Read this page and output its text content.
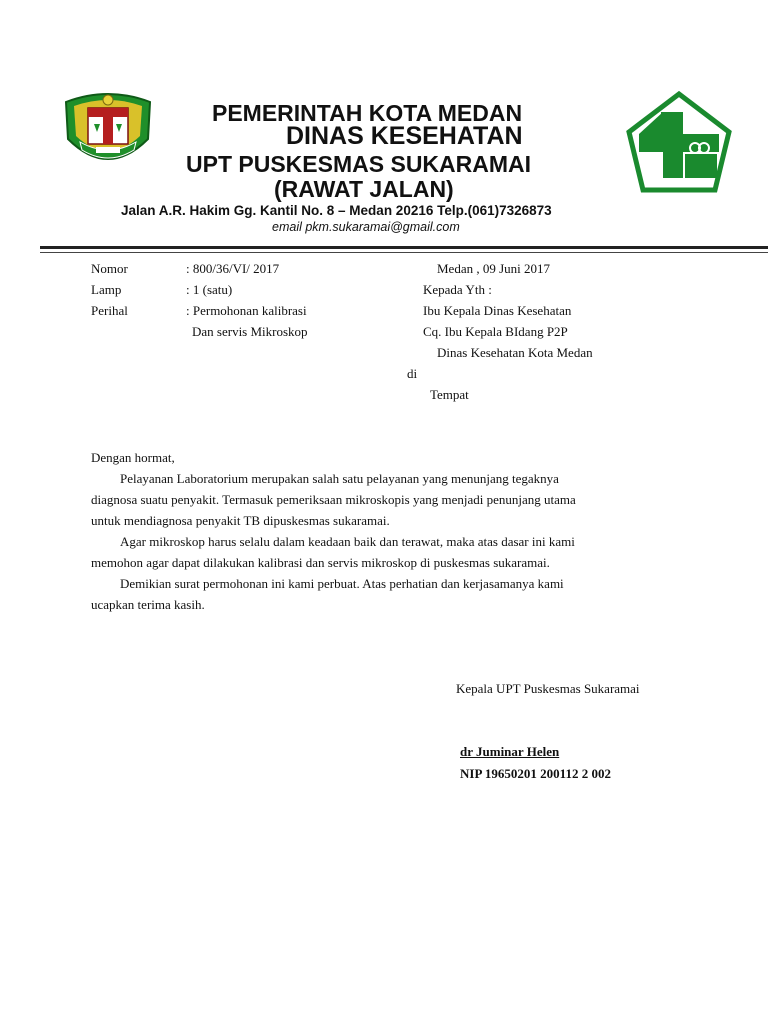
PEMERINTAH KOTA MEDAN
DINAS KESEHATAN
UPT PUSKESMAS SUKARAMAI
(RAWAT JALAN)
Jalan A.R. Hakim Gg. Kantil No. 8 – Medan 20216 Telp.(061)7326873
email pkm.sukaramai@gmail.com
Nomor	: 800/36/VI/ 2017
Lamp	: 1 (satu)
Perihal	: Permohonan kalibrasi
Dan servis Mikroskop
Medan , 09 Juni 2017
Kepada Yth :
Ibu Kepala Dinas Kesehatan
Cq. Ibu Kepala BIdang P2P
Dinas Kesehatan Kota Medan
di
Tempat
Dengan hormat,
Pelayanan Laboratorium merupakan salah satu pelayanan yang menunjang tegaknya
diagnosa suatu penyakit. Termasuk pemeriksaan mikroskopis yang menjadi penunjang utama
untuk mendiagnosa penyakit TB dipuskesmas sukaramai.
Agar mikroskop harus selalu dalam keadaan baik dan terawat, maka atas dasar ini kami
memohon agar dapat dilakukan kalibrasi dan servis mikroskop di puskesmas sukaramai.
Demikian surat permohonan ini kami perbuat. Atas perhatian dan kerjasamanya kami
ucapkan terima kasih.
Kepala UPT Puskesmas Sukaramai
dr Juminar Helen
NIP 19650201 200112 2 002
